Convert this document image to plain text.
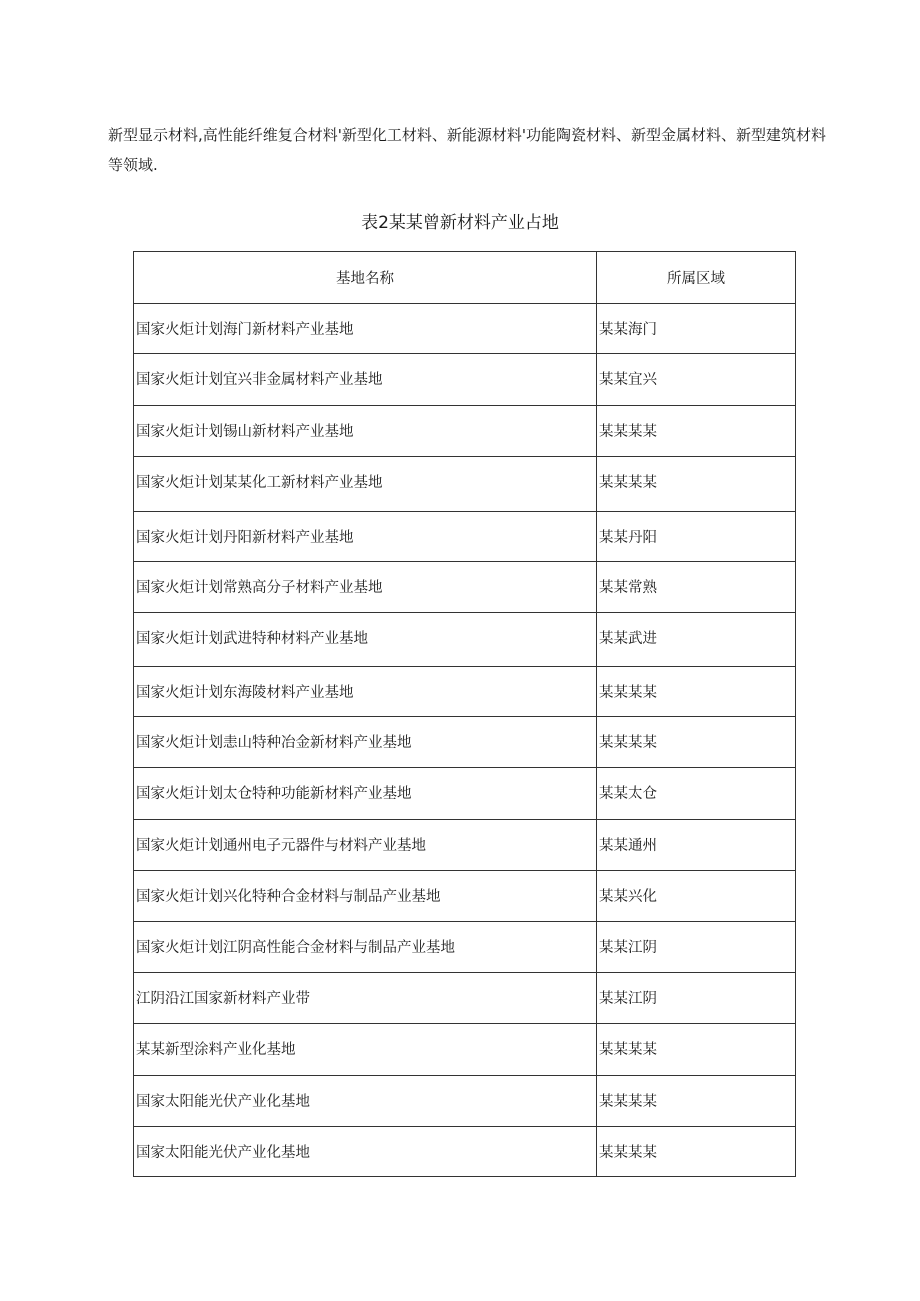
新型显示材料,高性能纤维复合材料'新型化工材料、新能源材料'功能陶瓷材料、新型金属材料、新型建筑材料等领域.

表2某某曾新材料产业占地
基地名称	所属区域
国家火炬计划海门新材料产业基地	某某海门
国家火炬计划宜兴非金属材料产业基地	某某宜兴
国家火炬计划锡山新材料产业基地	某某某某
国家火炬计划某某化工新材料产业基地	某某某某
国家火炬计划丹阳新材料产业基地	某某丹阳
国家火炬计划常熟高分子材料产业基地	某某常熟
国家火炬计划武进特种材料产业基地	某某武进
国家火炬计划东海陵材料产业基地	某某某某
国家火炬计划恚山特种冶金新材料产业基地	某某某某
国家火炬计划太仓特种功能新材料产业基地	某某太仓
国家火炬计划通州电子元器件与材料产业基地	某某通州
国家火炬计划兴化特种合金材料与制品产业基地	某某兴化
国家火炬计划江阴高性能合金材料与制品产业基地	某某江阴
江阴沿江国家新材料产业带	某某江阴
某某新型涂料产业化基地	某某某某
国家太阳能光伏产业化基地	某某某某
国家太阳能光伏产业化基地	某某某某
